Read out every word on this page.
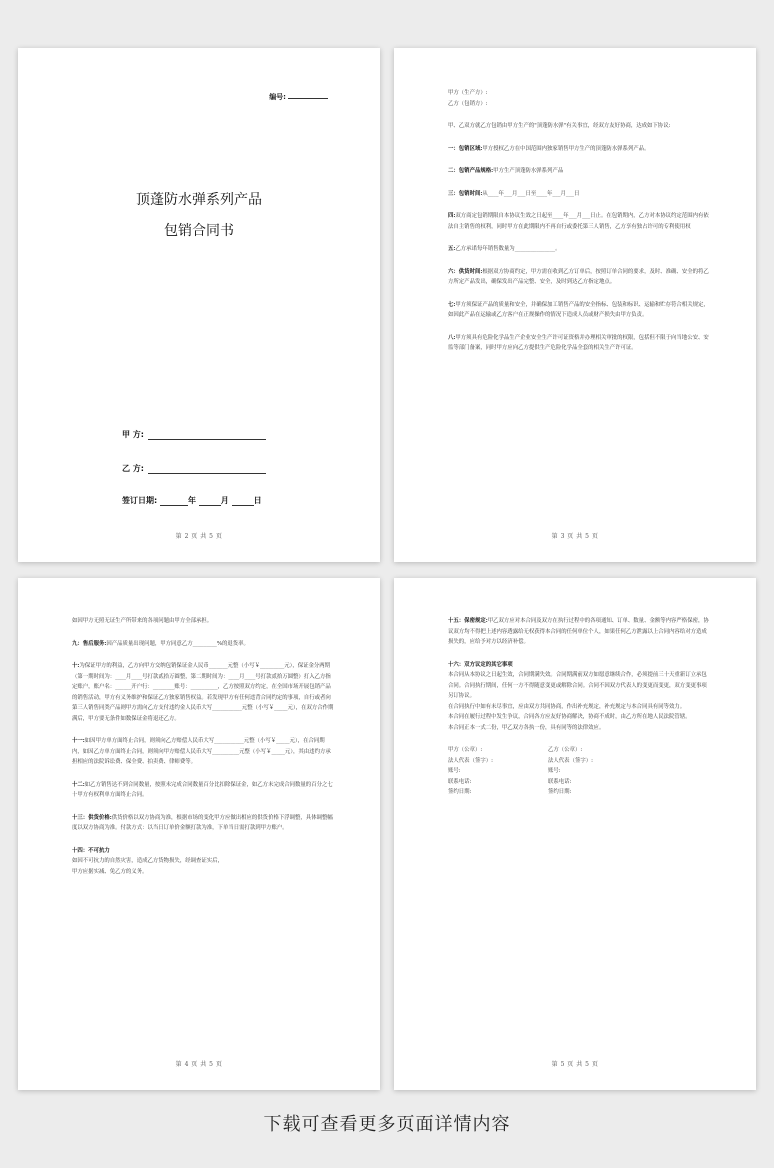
编号:
顶蓬防水弹系列产品
包销合同书
甲 方:
乙 方:
签订日期:	年	月	日
第 2 页 共 5 页

甲方（生产方）:

乙方（包销方）:

甲、乙双方就乙方包销由甲方生产的"顶蓬防水弹"有关事宜，经双方友好协商，达成如下协议:

一：包销区域:甲方授权乙方在中国范围内独家销售甲方生产的顶蓬防水弹系列产品。

二：包销产品规格:甲方生产顶蓬防水弹系列产品

三：包销时间:从____年___月___日至____年___月___日

四:双方商定包销期限自本协议生效之日起至____年___月___日止。在包销期内，乙方对本协议约定范围内有依法自主销售的权利，同时甲方在此期限内不再自行或委托第三人销售，乙方享有独占许可的专利使用权

五:乙方承诺每年销售数量为_______________。

六：供货时间:根据双方协商约定，甲方需在收到乙方订单后，按照订单合同的要求，及时、准确、安全的将乙方所定产品发出，确保发出产品完整、安全，及时到达乙方指定地点。

七:甲方须保证产品的质量和安全，并确保加工销售产品的安全指标、包装和标识、运输和贮存符合相关规定，如因此产品在运输或乙方客户在正规操作的情况下造成人员或财产损失由甲方负责。

八:甲方须具有危险化学品生产企业安全生产许可证资格并办理相关审批的权限，包括但不限于向当地公安、安监等部门备案，同时甲方应向乙方提供生产危险化学品全套的相关生产许可证。

第 3 页 共 5 页

如因甲方无照无证生产所带来的各项问题由甲方全部承担。

九：售后服务:因产品质量出现问题，甲方同意乙方_________%的退货率。

十:为保证甲方的利益，乙方向甲方交纳包销保证金人民币_______元整（小写￥_________元），保证金分两期（第一期时间为：____月____号打款贰拾万圆整，第二期时间为：____月____号打款贰拾万圆整）打入乙方指定账户，账户名：______开户行：________账号：__________，乙方按照双方约定，在全国市场开展包销产品的销售活动，甲方有义务维护和保证乙方独家销售权益。若发现甲方有任何违背合同约定的事项，自行或者向第三人销售同类产品则甲方需向乙方支付违约金人民币大写___________元整（小写￥_____元），在双方合作期满后，甲方要无条件如数保证金将退还乙方。

十一:如因甲方单方面终止合同，则须向乙方赔偿人民币大写___________元整（小写￥_____元），在合同期内，如因乙方单方面终止合同，则须向甲方赔偿人民币大写__________元整（小写￥_____元），其由违约方承担相应的法院诉讼费、保全费、拍卖费、律师费等。

十二:如乙方销售达不到合同数量，按照未完成合同数量百分比扣除保证金，如乙方未完成合同数量的百分之七十甲方有权利单方面终止合同。

十三：供货价格:供货价格以双方协商为准，根据市场的变化甲方应做出相应的供货价格下浮调整，具体调整幅度以双方协商为准。付款方式：以当日订单价金额打款为准，下单当日需打款到甲方账户。

十四：不可抗力

如因不可抗力的自然灾害，造成乙方货物损失，经调查证实后，

甲方应据实减、免乙方的义务。

第 4 页 共 5 页

十五：保密规定:甲乙双方应对本合同及双方在执行过程中的各项通知、订单、数量、金额等内容严格保密，协议双方均不得把上述内容透露给无权获得本合同的任何单位个人，如果任何乙方泄露以上合同内容给对方造成损失的，应给予对方以经济补偿。

十六：双方议定的其它事项

本合同从本协议之日起生效，合同期满失效。合同期满前双方如愿意继续合作，必须提前三十天重新订立承包合同。合同执行期间，任何一方不得随意变更或解除合同。合同不因双方代表人的变更而变更，双方变更事项另订协议。

在合同执行中如有未尽事宜，应由双方共同协商，作出补充规定，补充规定与本合同具有同等效力。

本合同在履行过程中发生争议，合同各方应友好协商解决，协商不成时，由乙方所在地人民法院管辖。

本合同正本一式二份，甲乙双方各执一份，具有同等的法律效应。

甲方（公章）:	乙方（公章）:
法人代表（签字）:	法人代表（签字）:
账号:	账号:
联系电话:	联系电话:
签约日期:	签约日期:
第 5 页 共 5 页
下载可查看更多页面详情内容
